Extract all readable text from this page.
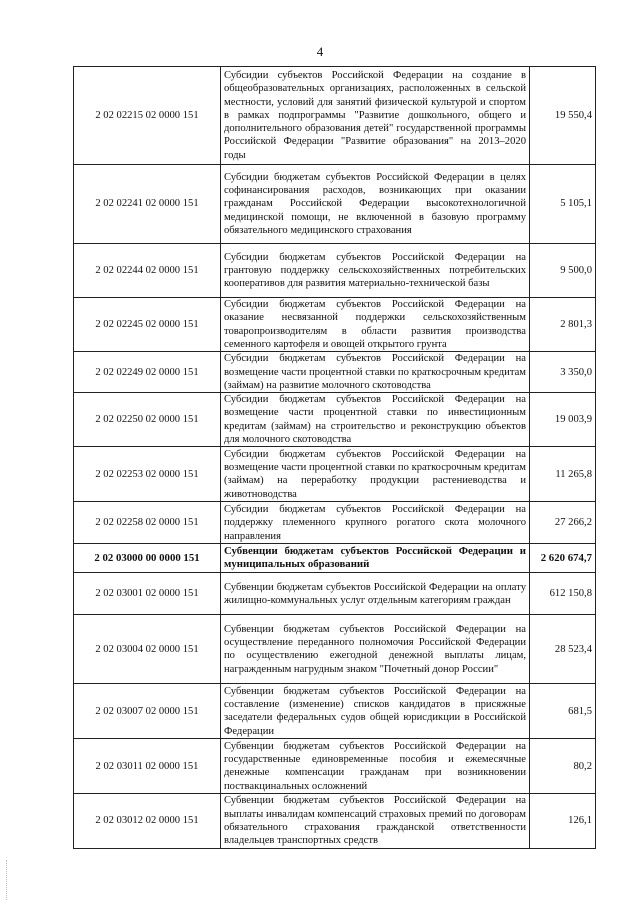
4
2 02 02215 02 0000 151	Субсидии субъектов Российской Федерации на создание в общеобразовательных организациях, расположенных в сельской местности, условий для занятий физической культурой и спортом в рамках подпрограммы "Развитие дошкольного, общего и дополнительного образования детей" государственной программы Российской Федерации "Развитие образования" на 2013–2020 годы	19 550,4
2 02 02241 02 0000 151	Субсидии бюджетам субъектов Российской Федерации в целях софинансирования расходов, возникающих при оказании гражданам Российской Федерации высокотехнологичной медицинской помощи, не включенной в базовую программу обязательного медицинского страхования	5 105,1
2 02 02244 02 0000 151	Субсидии бюджетам субъектов Российской Федерации на грантовую поддержку сельскохозяйственных потребительских кооперативов для развития материально-технической базы	9 500,0
2 02 02245 02 0000 151	Субсидии бюджетам субъектов Российской Федерации на оказание несвязанной поддержки сельскохозяйственным товаропроизводителям в области развития производства семенного картофеля и овощей открытого грунта	2 801,3
2 02 02249 02 0000 151	Субсидии бюджетам субъектов Российской Федерации на возмещение части процентной ставки по краткосрочным кредитам (займам) на развитие молочного скотоводства	3 350,0
2 02 02250 02 0000 151	Субсидии бюджетам субъектов Российской Федерации на возмещение части процентной ставки по инвестиционным кредитам (займам) на строительство и реконструкцию объектов для молочного скотоводства	19 003,9
2 02 02253 02 0000 151	Субсидии бюджетам субъектов Российской Федерации на возмещение части процентной ставки по краткосрочным кредитам (займам) на переработку продукции растениеводства и животноводства	11 265,8
2 02 02258 02 0000 151	Субсидии бюджетам субъектов Российской Федерации на поддержку племенного крупного рогатого скота молочного направления	27 266,2
2 02 03000 00 0000 151	Субвенции бюджетам субъектов Российской Федерации и муниципальных образований	2 620 674,7
2 02 03001 02 0000 151	Субвенции бюджетам субъектов Российской Федерации на оплату жилищно-коммунальных услуг отдельным категориям граждан	612 150,8
2 02 03004 02 0000 151	Субвенции бюджетам субъектов Российской Федерации на осуществление переданного полномочия Российской Федерации по осуществлению ежегодной денежной выплаты лицам, награжденным нагрудным знаком "Почетный донор России"	28 523,4
2 02 03007 02 0000 151	Субвенции бюджетам субъектов Российской Федерации на составление (изменение) списков кандидатов в присяжные заседатели федеральных судов общей юрисдикции в Российской Федерации	681,5
2 02 03011 02 0000 151	Субвенции бюджетам субъектов Российской Федерации на государственные единовременные пособия и ежемесячные денежные компенсации гражданам при возникновении поствакцинальных осложнений	80,2
2 02 03012 02 0000 151	Субвенции бюджетам субъектов Российской Федерации на выплаты инвалидам компенсаций страховых премий по договорам обязательного страхования гражданской ответственности владельцев транспортных средств	126,1
